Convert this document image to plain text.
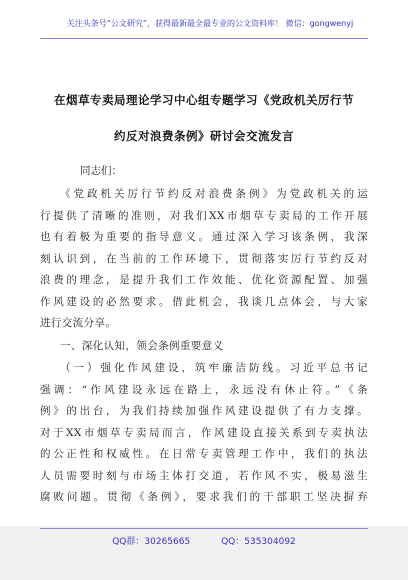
关注头条号“公文研究”，获得最新最全最专业的公文资料库！ 微信：gongwenyj
在烟草专卖局理论学习中心组专题学习《党政机关厉行节
约反对浪费条例》研讨会交流发言
同志们：
《党政机关厉行节约反对浪费条例》为党政机关的运
行提供了清晰的准则，对我们XX市烟草专卖局的工作开展
也有着极为重要的指导意义。通过深入学习该条例，我深
刻认识到，在当前的工作环境下，贯彻落实厉行节约反对
浪费的理念，是提升我们工作效能、优化资源配置、加强
作风建设的必然要求。借此机会，我谈几点体会，与大家
进行交流分享。
一、深化认知，领会条例重要意义
（一）强化作风建设，筑牢廉洁防线。习近平总书记
强调：“作风建设永远在路上，永远没有休止符。”《条
例》的出台，为我们持续加强作风建设提供了有力支撑。
对于XX市烟草专卖局而言，作风建设直接关系到专卖执法
的公正性和权威性。在日常专卖管理工作中，我们的执法
人员需要时刻与市场主体打交道，若作风不实，极易滋生
腐败问题。贯彻《条例》，要求我们的干部职工坚决摒弃
QQ群：30265665	QQ：535304092
